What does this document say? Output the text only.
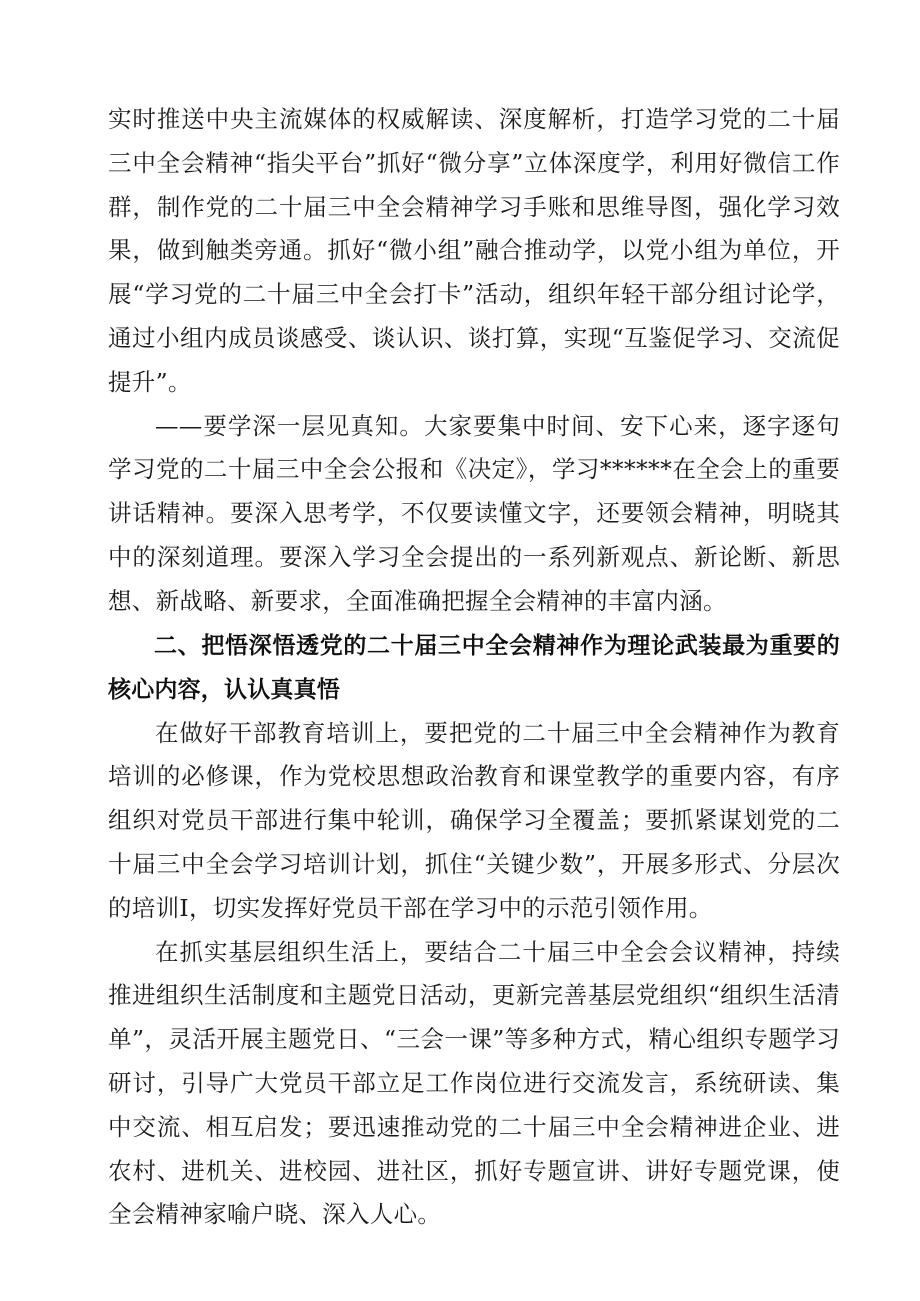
实时推送中央主流媒体的权威解读、深度解析，打造学习党的二十届三中全会精神“指尖平台”抓好“微分享”立体深度学，利用好微信工作群，制作党的二十届三中全会精神学习手账和思维导图，强化学习效果，做到触类旁通。抓好“微小组”融合推动学，以党小组为单位，开展“学习党的二十届三中全会打卡”活动，组织年轻干部分组讨论学，通过小组内成员谈感受、谈认识、谈打算，实现“互鉴促学习、交流促提升”。

——要学深一层见真知。大家要集中时间、安下心来，逐字逐句学习党的二十届三中全会公报和《决定》，学习******在全会上的重要讲话精神。要深入思考学，不仅要读懂文字，还要领会精神，明晓其中的深刻道理。要深入学习全会提出的一系列新观点、新论断、新思想、新战略、新要求，全面准确把握全会精神的丰富内涵。

二、把悟深悟透党的二十届三中全会精神作为理论武装最为重要的核心内容，认认真真悟

在做好干部教育培训上，要把党的二十届三中全会精神作为教育培训的必修课，作为党校思想政治教育和课堂教学的重要内容，有序组织对党员干部进行集中轮训，确保学习全覆盖；要抓紧谋划党的二十届三中全会学习培训计划，抓住“关键少数”，开展多形式、分层次的培训I，切实发挥好党员干部在学习中的示范引领作用。

在抓实基层组织生活上，要结合二十届三中全会会议精神，持续推进组织生活制度和主题党日活动，更新完善基层党组织“组织生活清单”，灵活开展主题党日、“三会一课”等多种方式，精心组织专题学习研讨，引导广大党员干部立足工作岗位进行交流发言，系统研读、集中交流、相互启发；要迅速推动党的二十届三中全会精神进企业、进农村、进机关、进校园、进社区，抓好专题宣讲、讲好专题党课，使全会精神家喻户晓、深入人心。
